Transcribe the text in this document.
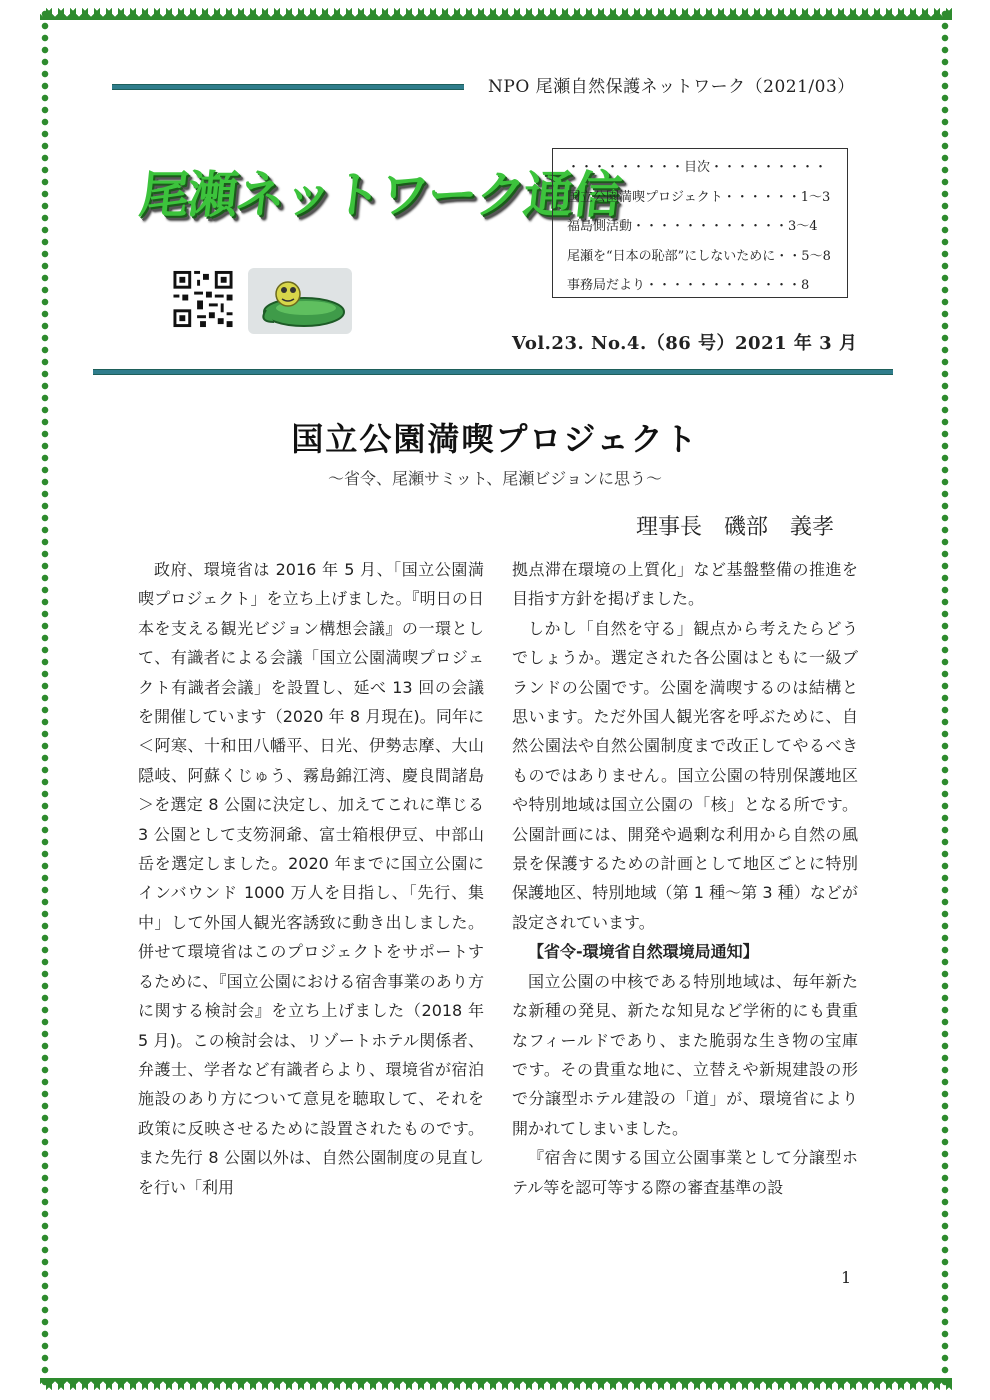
NPO 尾瀬自然保護ネットワーク（2021/03）
尾瀬ネットワーク通信
・・・・・・・・・目次・・・・・・・・・
国立公園満喫プロジェクト・・・・・・1～3
福島側活動・・・・・・・・・・・・3～4
尾瀬を“日本の恥部”にしないために・・5～8
事務局だより・・・・・・・・・・・・8
Vol.23. No.4.（86 号）2021 年 3 月
国立公園満喫プロジェクト
～省令、尾瀬サミット、尾瀬ビジョンに思う～
理事長　磯部　義孝

政府、環境省は 2016 年 5 月、「国立公園満喫プロジェクト」を立ち上げました。『明日の日本を支える観光ビジョン構想会議』の一環として、有識者による会議「国立公園満喫プロジェクト有識者会議」を設置し、延べ 13 回の会議を開催しています（2020 年 8 月現在)。同年に＜阿寒、十和田八幡平、日光、伊勢志摩、大山隠岐、阿蘇くじゅう、霧島錦江湾、慶良間諸島＞を選定 8 公園に決定し、加えてこれに準じる 3 公園として支笏洞爺、富士箱根伊豆、中部山岳を選定しました。2020 年までに国立公園にインバウンド 1000 万人を目指し、「先行、集中」して外国人観光客誘致に動き出しました。併せて環境省はこのプロジェクトをサポートするために、『国立公園における宿舎事業のあり方に関する検討会』を立ち上げました（2018 年 5 月)。この検討会は、リゾートホテル関係者、弁護士、学者など有識者らより、環境省が宿泊施設のあり方について意見を聴取して、それを政策に反映させるために設置されたものです。また先行 8 公園以外は、自然公園制度の見直しを行い「利用

拠点滞在環境の上質化」など基盤整備の推進を目指す方針を掲げました。

しかし「自然を守る」観点から考えたらどうでしょうか。選定された各公園はともに一級ブランドの公園です。公園を満喫するのは結構と思います。ただ外国人観光客を呼ぶために、自然公園法や自然公園制度まで改正してやるべきものではありません。国立公園の特別保護地区や特別地域は国立公園の「核」となる所です。公園計画には、開発や過剰な利用から自然の風景を保護するための計画として地区ごとに特別保護地区、特別地域（第 1 種～第 3 種）などが設定されています。

【省令-環境省自然環境局通知】

国立公園の中核である特別地域は、毎年新たな新種の発見、新たな知見など学術的にも貴重なフィールドであり、また脆弱な生き物の宝庫です。その貴重な地に、立替えや新規建設の形で分譲型ホテル建設の「道」が、環境省により開かれてしまいました。

『宿舎に関する国立公園事業として分譲型ホテル等を認可等する際の審査基準の設

1
